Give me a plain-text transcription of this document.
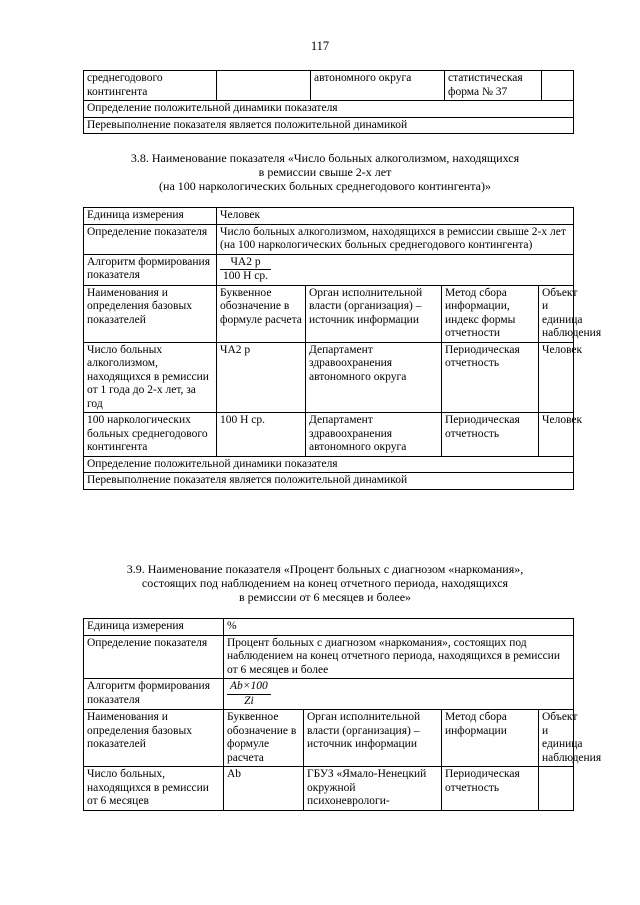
117
среднегодового контингента		автономного округа	статистическая форма № 37	
Определение положительной динамики показателя
Перевыполнение показателя является положительной динамикой
3.8. Наименование показателя «Число больных алкоголизмом, находящихся
в ремиссии свыше 2-х лет
(на 100 наркологических больных среднегодового контингента)»
Единица измерения	Человек			
Определение показателя	Число больных алкоголизмом, находящихся в ремиссии свыше 2-х лет (на 100 наркологических больных среднегодового контингента)			
Алгоритм формирования показателя	$\frac{ЧА2 р}{\text{100 Н ср.}}$

Наименования и определения базовых показателей	Буквенное обозначение в формуле расчета	Орган исполнительной власти (организация) – источник информации	Метод сбора информации, индекс формы отчетности	Объект и единица наблюдения
Число больных алкоголизмом, находящихся в ремиссии от 1 года до 2-х лет, за год	ЧА2 р	Департамент здравоохранения автономного округа	Периодическая отчетность	Человек
100 наркологических больных среднегодового контингента	100 Н ср.	Департамент здравоохранения автономного округа	Периодическая отчетность	Человек
Определение положительной динамики показателя				
Перевыполнение показателя является положительной динамикой				
3.9. Наименование показателя «Процент больных с диагнозом «наркомания»,
состоящих под наблюдением на конец отчетного периода, находящихся
в ремиссии от 6 месяцев и более»
Единица измерения	%			
Определение показателя	Процент больных с диагнозом «наркомания», состоящих под наблюдением на конец отчетного периода, находящихся в ремиссии от 6 месяцев и более			
Алгоритм формирования показателя	$\frac{Ab\times 100}{Zi}$

Наименования и определения базовых показателей	Буквенное обозначение в формуле расчета	Орган исполнительной власти (организация) – источник информации	Метод сбора информации	Объект и единица наблюдения
Число больных, находящихся в ремиссии от 6 месяцев	Ab	ГБУЗ «Ямало-Ненецкий окружной психоневрологи-	Периодическая отчетность	
